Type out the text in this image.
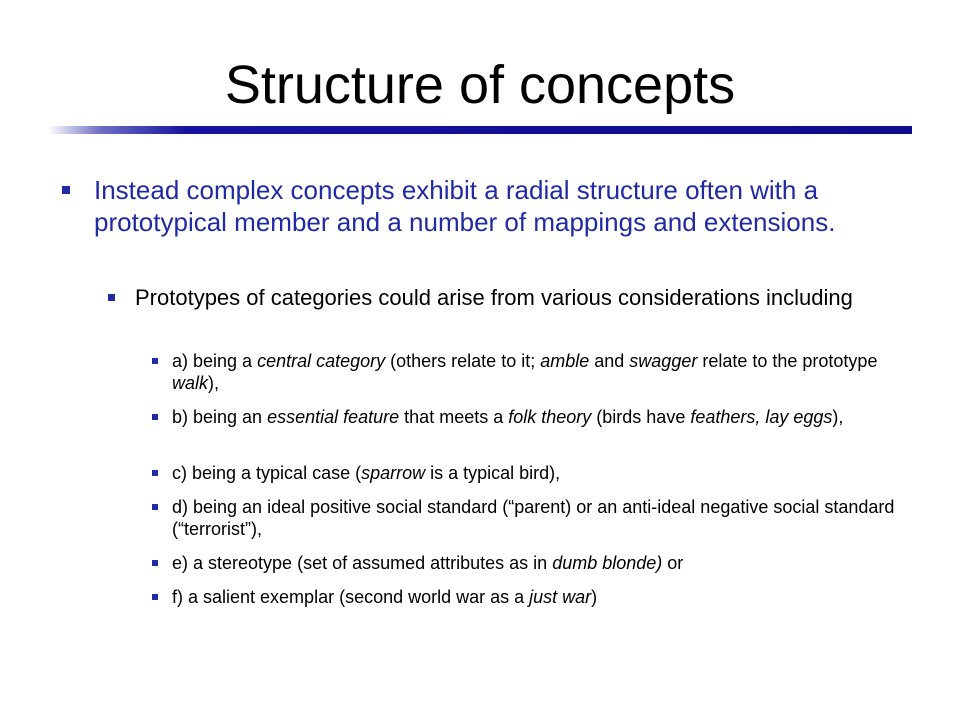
Structure of concepts
Instead complex concepts exhibit a radial structure often with a prototypical member and a number of mappings and extensions.
Prototypes of categories could arise from various considerations including
a) being a central category (others relate to it; amble and swagger relate to the prototype walk),
b) being an essential feature that meets a folk theory (birds have feathers, lay eggs),
c) being a typical case (sparrow is a typical bird),
d) being an ideal positive social standard (“parent) or an anti-ideal negative social standard (“terrorist”),
e) a stereotype (set of assumed attributes as in dumb blonde) or
f) a salient exemplar (second world war as a just war)
